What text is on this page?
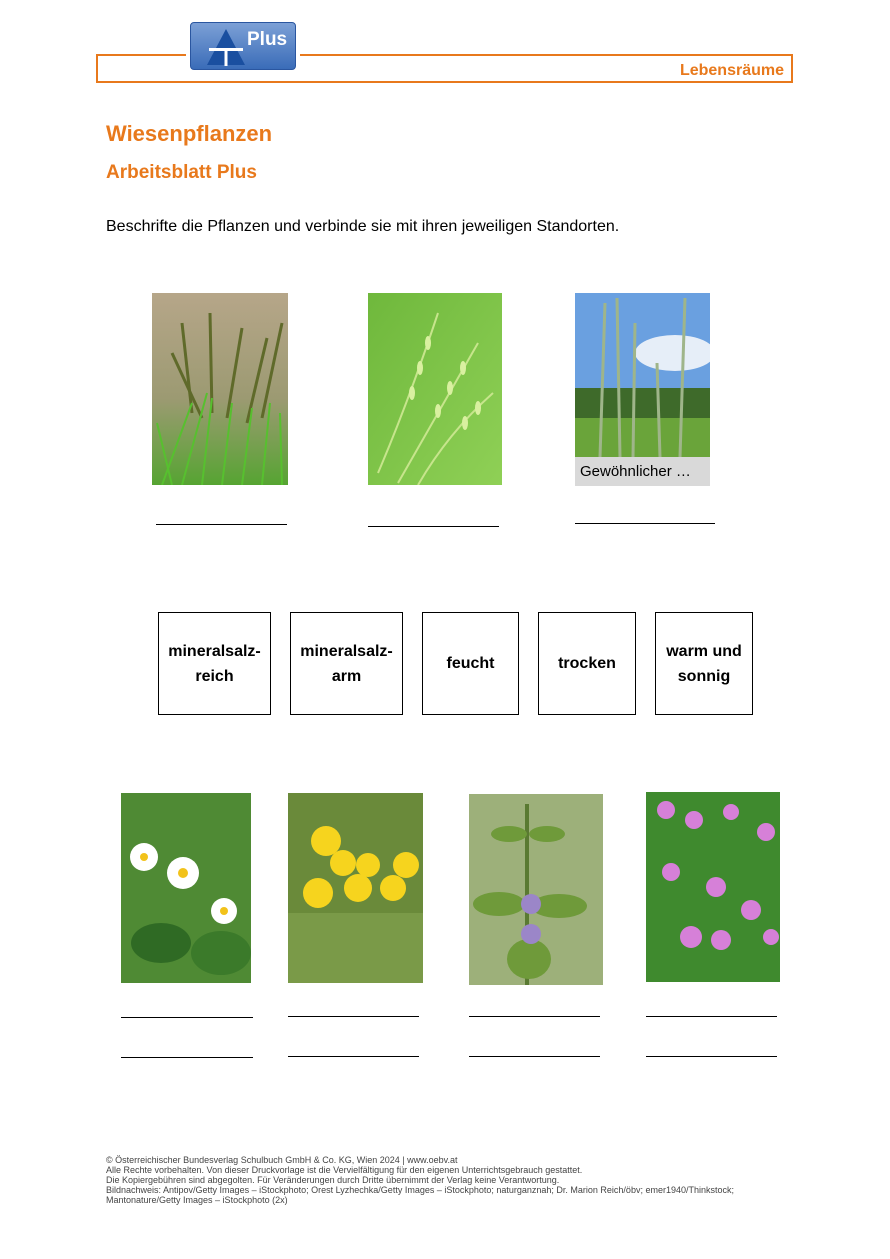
Plus
Lebensräume
Wiesenpflanzen
Arbeitsblatt Plus
Beschrifte die Pflanzen und verbinde sie mit ihren jeweiligen Standorten.
Gewöhnlicher …
mineralsalz-
reich
mineralsalz-
arm
feucht	trocken
warm und
sonnig
© Österreichischer Bundesverlag Schulbuch GmbH & Co. KG, Wien 2024 | www.oebv.at
Alle Rechte vorbehalten. Von dieser Druckvorlage ist die Vervielfältigung für den eigenen Unterrichtsgebrauch gestattet.
Die Kopiergebühren sind abgegolten. Für Veränderungen durch Dritte übernimmt der Verlag keine Verantwortung.
Bildnachweis: Antipov/Getty Images – iStockphoto; Orest Lyzhechka/Getty Images – iStockphoto; naturganznah; Dr. Marion Reich/öbv; emer1940/Thinkstock;
Mantonature/Getty Images – iStockphoto (2x)
